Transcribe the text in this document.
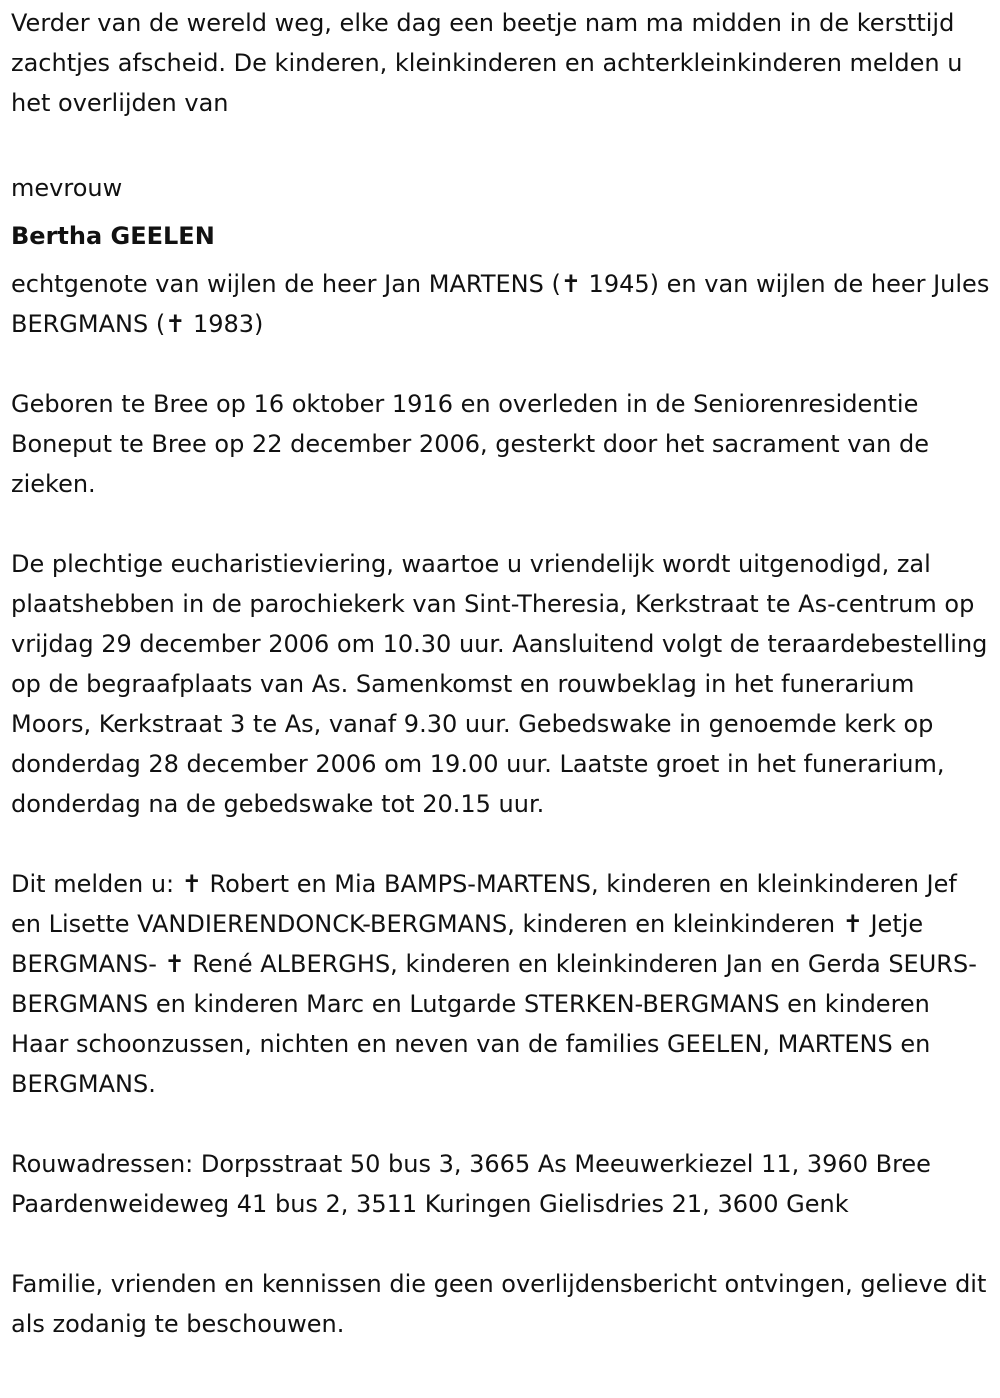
Verder van de wereld weg, elke dag een beetje nam ma midden in de kersttijd zachtjes afscheid. De kinderen, kleinkinderen en achterkleinkinderen melden u het overlijden van

mevrouw

Bertha GEELEN

echtgenote van wijlen de heer Jan MARTENS (✝ 1945) en van wijlen de heer Jules BERGMANS (✝ 1983)

Geboren te Bree op 16 oktober 1916 en overleden in de Seniorenresidentie Boneput te Bree op 22 december 2006, gesterkt door het sacrament van de zieken.

De plechtige eucharistieviering, waartoe u vriendelijk wordt uitgenodigd, zal plaatshebben in de parochiekerk van Sint-Theresia, Kerkstraat te As-centrum op vrijdag 29 december 2006 om 10.30 uur. Aansluitend volgt de teraardebestelling op de begraafplaats van As. Samenkomst en rouwbeklag in het funerarium Moors, Kerkstraat 3 te As, vanaf 9.30 uur. Gebedswake in genoemde kerk op donderdag 28 december 2006 om 19.00 uur. Laatste groet in het funerarium, donderdag na de gebedswake tot 20.15 uur.

Dit melden u: ✝ Robert en Mia BAMPS-MARTENS, kinderen en kleinkinderen Jef en Lisette VANDIERENDONCK-BERGMANS, kinderen en kleinkinderen ✝ Jetje BERGMANS- ✝ René ALBERGHS, kinderen en kleinkinderen Jan en Gerda SEURS-BERGMANS en kinderen Marc en Lutgarde STERKEN-BERGMANS en kinderen Haar schoonzussen, nichten en neven van de families GEELEN, MARTENS en BERGMANS.

Rouwadressen: Dorpsstraat 50 bus 3, 3665 As Meeuwerkiezel 11, 3960 Bree Paardenweideweg 41 bus 2, 3511 Kuringen Gielisdries 21, 3600 Genk

Familie, vrienden en kennissen die geen overlijdensbericht ontvingen, gelieve dit als zodanig te beschouwen.
